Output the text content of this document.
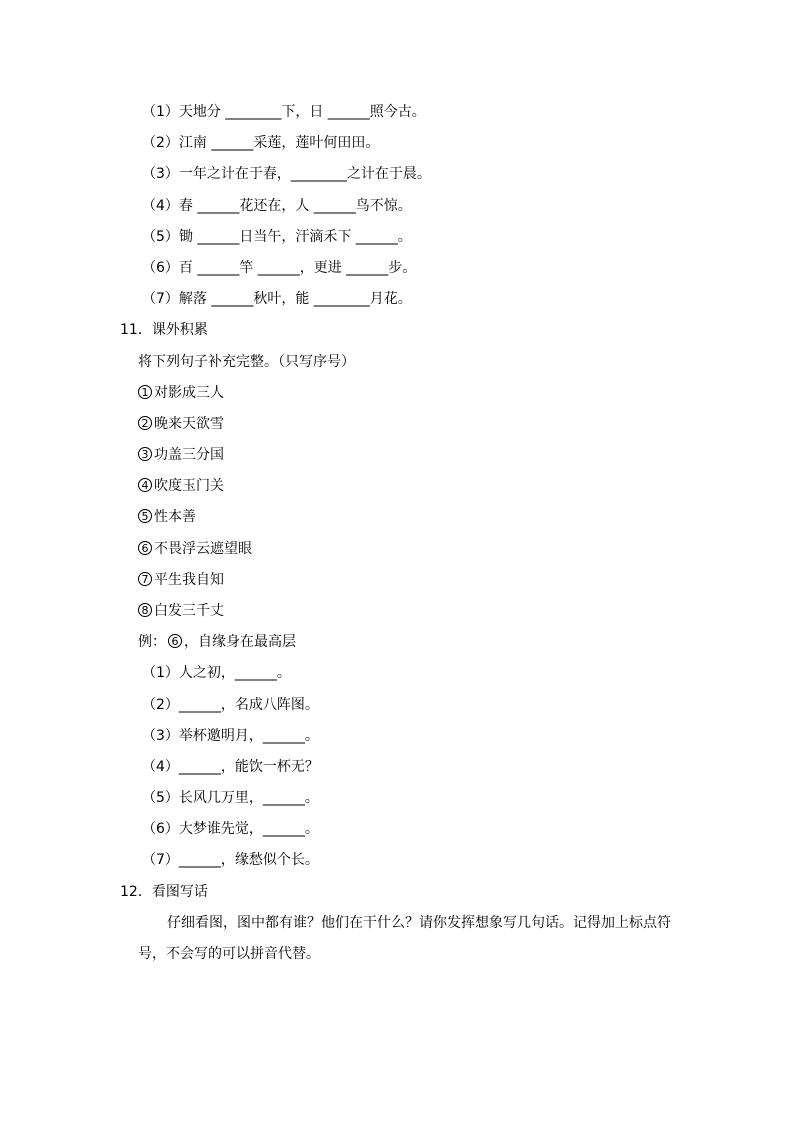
（1）天地分 ________下，日 ______照今古。
（2）江南 ______采莲，莲叶何田田。
（3）一年之计在于春，________之计在于晨。
（4）春 ______花还在，人 ______鸟不惊。
（5）锄 ______日当午，汗滴禾下 ______。
（6）百 ______竿 ______，更进 ______步。
（7）解落 ______秋叶，能 ________月花。
11．课外积累
将下列句子补充完整。（只写序号）
1 对影成三人
2 晚来天欲雪
3 功盖三分国
4 吹度玉门关
5 性本善
6 不畏浮云遮望眼
7 平生我自知
8 白发三千丈
例： 6 ，自缘身在最高层
（1）人之初，______。
（2）______，名成八阵图。
（3）举杯邀明月，______。
（4）______，能饮一杯无？
（5）长风几万里，______。
（6）大梦谁先觉，______。
（7）______，缘愁似个长。
12．看图写话
仔细看图，图中都有谁？他们在干什么？请你发挥想象写几句话。记得加上标点符号，不会写的可以拼音代替。
